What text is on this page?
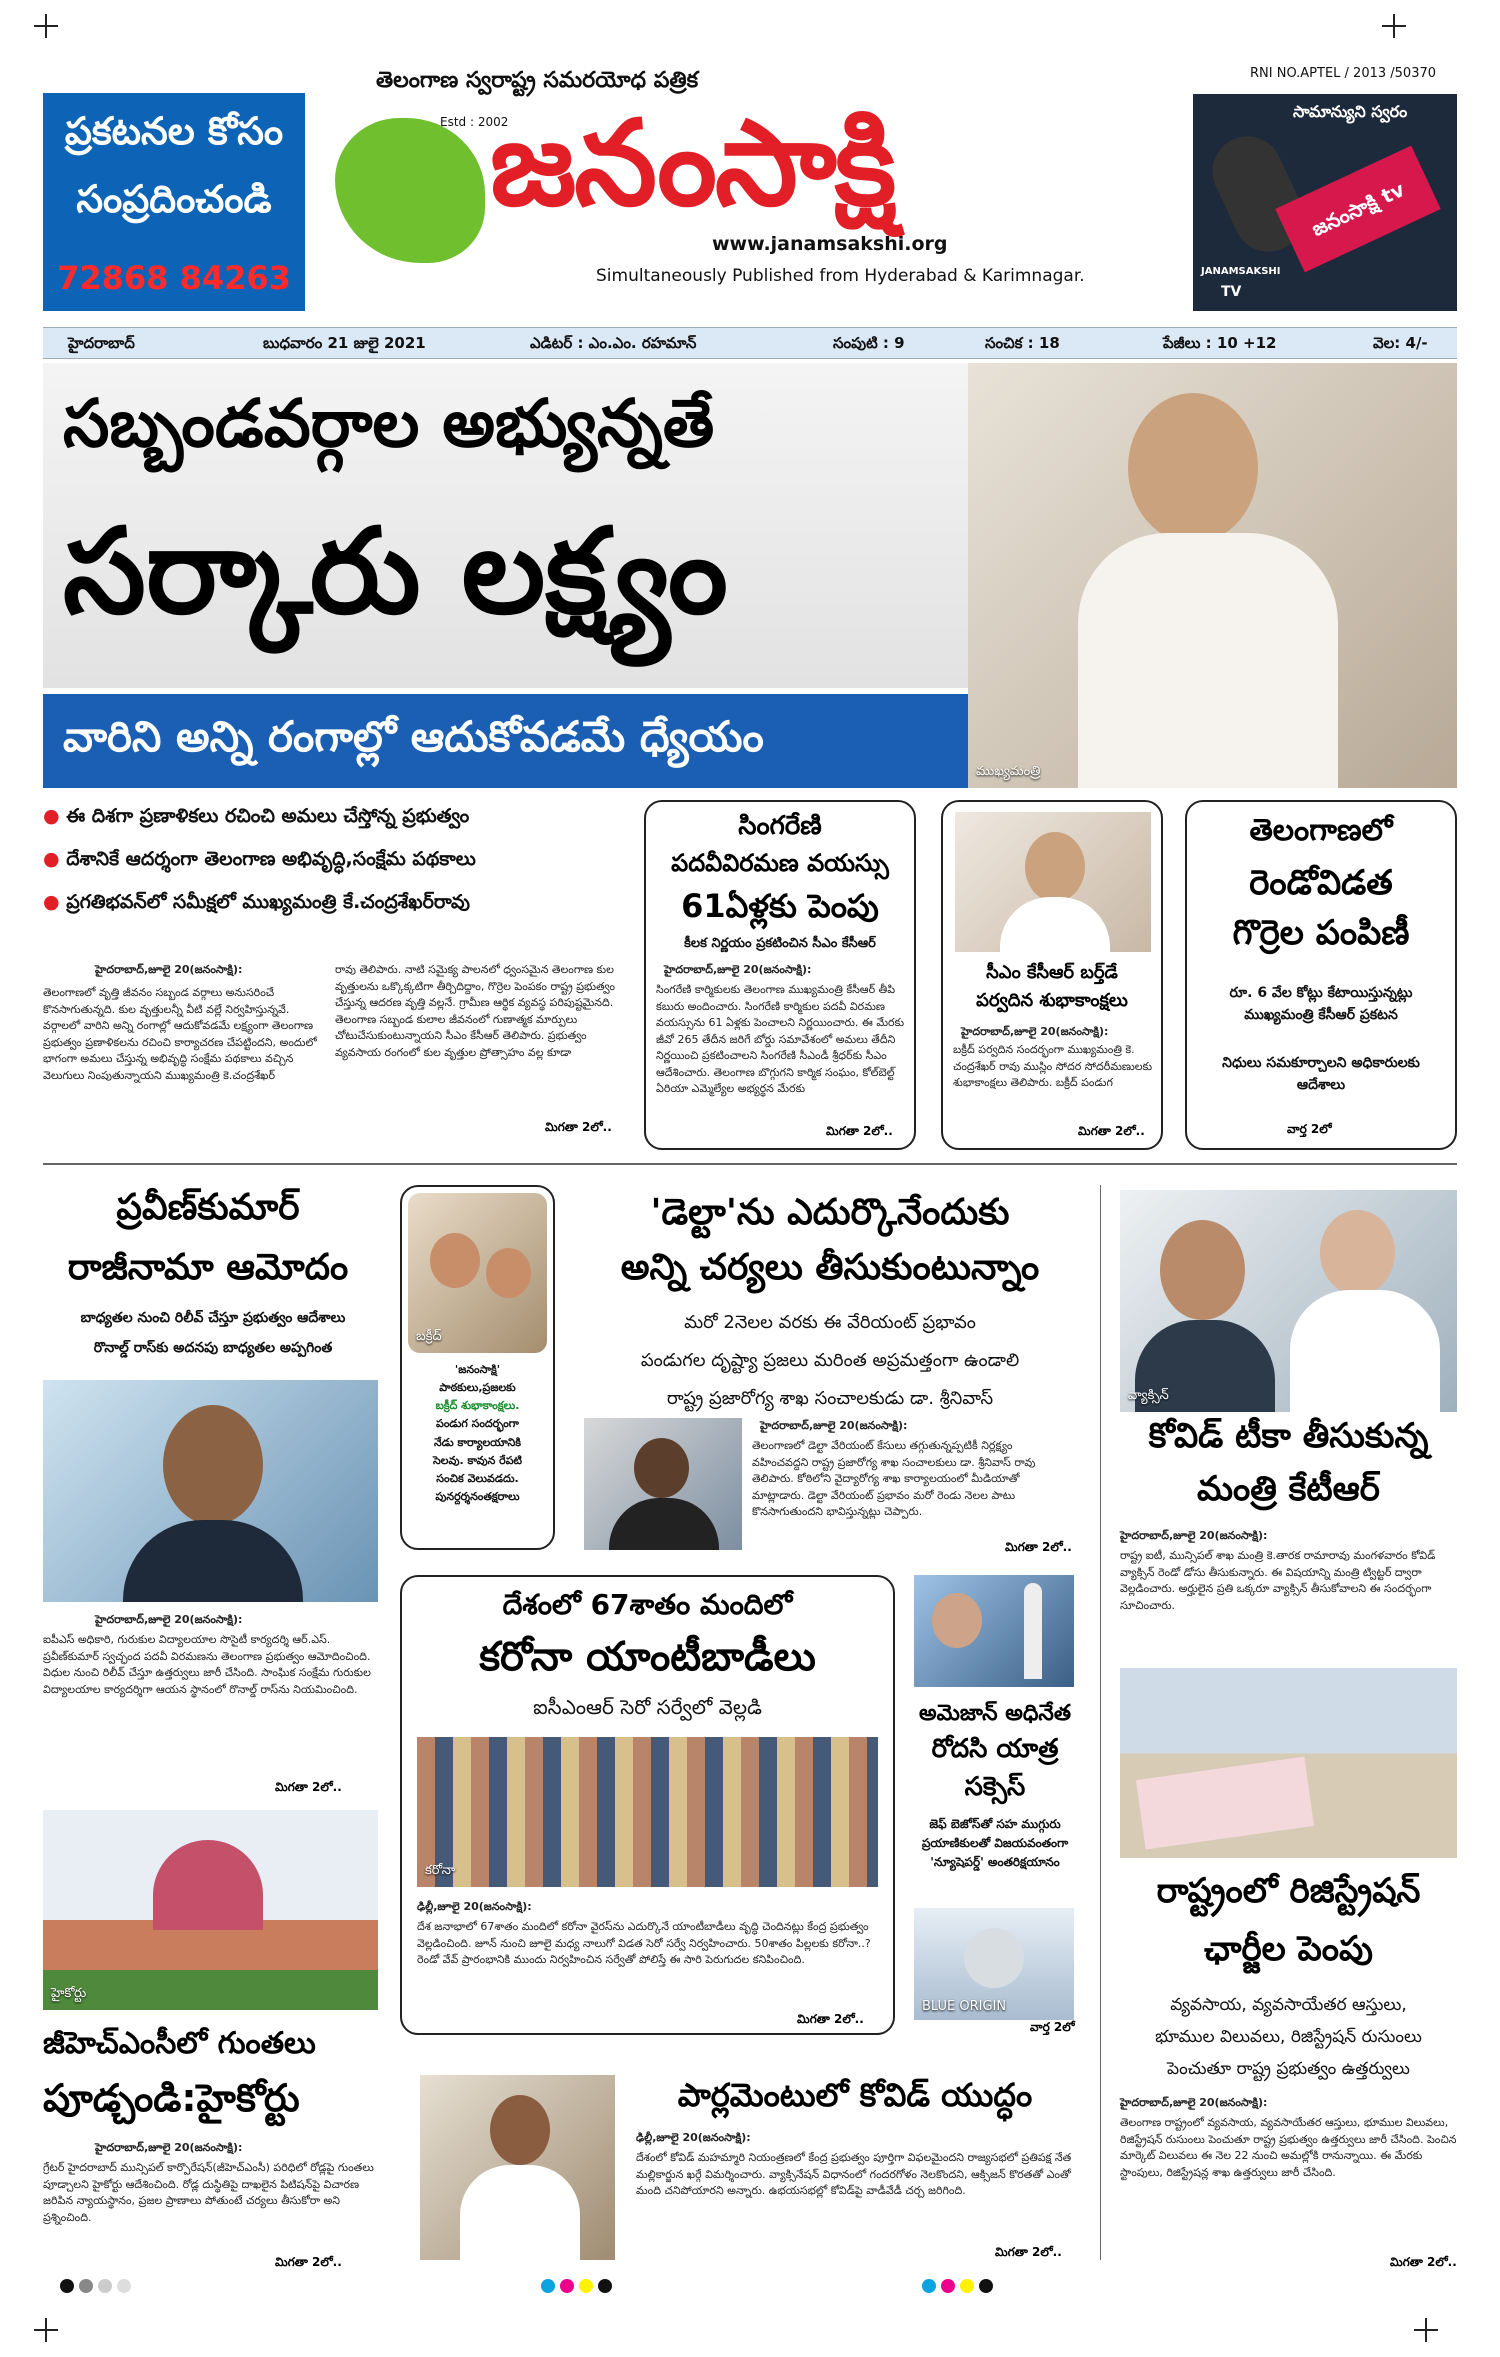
ప్రకటనల కోసం
సంప్రదించండి
72868 84263
తెలంగాణ స్వరాష్ట్ర సమరయోధ పత్రిక
Estd : 2002
జనంసాక్షి
www.janamsakshi.org
Simultaneously Published from Hyderabad & Karimnagar.
RNI NO.APTEL / 2013 /50370
సామాన్యుని స్వరం
జనంసాక్షి tv
JANAMSAKSHI
TV
హైదరాబాద్	బుధవారం 21 జులై 2021	ఎడిటర్ : ఎం.ఎం. రహమాన్	సంపుటి : 9	సంచిక : 18	పేజీలు : 10 +12	వెల: 4/-
సబ్బండవర్గాల అభ్యున్నతే
సర్కారు లక్ష్యం
ముఖ్యమంత్రి
వారిని అన్ని రంగాల్లో ఆదుకోవడమే ధ్యేయం
● ఈ దిశగా ప్రణాళికలు రచించి అమలు చేస్తోన్న ప్రభుత్వం
● దేశానికే ఆదర్శంగా తెలంగాణ అభివృద్ధి,సంక్షేమ పథకాలు
● ప్రగతిభవన్‌లో సమీక్షలో ముఖ్యమంత్రి కే.చంద్రశేఖర్‌రావు
హైదరాబాద్,జూలై 20(జనంసాక్షి):
తెలంగాణలో వృత్తి జీవనం సబ్బండ వర్గాలు అనుసరించే కొనసాగుతున్నది. కుల వృత్తులన్నీ వీటి వల్లే నిర్వహిస్తున్నవే. వర్గాలలో వారిని అన్ని రంగాల్లో ఆదుకోవడమే లక్ష్యంగా తెలంగాణ ప్రభుత్వం ప్రణాళికలను రచించి కార్యాచరణ చేపట్టిందని, అందులో భాగంగా అమలు చేస్తున్న అభివృద్ధి సంక్షేమ పథకాలు వచ్చిన వెలుగులు నింపుతున్నాయని ముఖ్యమంత్రి కె.చంద్రశేఖర్
రావు తెలిపారు. నాటి సమైక్య పాలనలో ధ్వంసమైన తెలంగాణ కుల వృత్తులను ఒక్కొక్కటిగా తీర్చిదిద్దాం, గొర్రెల పెంపకం రాష్ట్ర ప్రభుత్వం చేస్తున్న ఆదరణ వృత్తి వల్లనే. గ్రామీణ ఆర్థిక వ్యవస్థ పరిపుష్టమైనది. తెలంగాణ సబ్బండ కులాల జీవనంలో గుణాత్మక మార్పులు చోటుచేసుకుంటున్నాయని సీఎం కేసీఆర్ తెలిపారు. ప్రభుత్వం వ్యవసాయ రంగంలో కుల వృత్తుల ప్రోత్సాహం వల్ల కూడా
మిగతా 2లో..
సింగరేణి
పదవీవిరమణ వయస్సు
61ఏళ్లకు పెంపు
కీలక నిర్ణయం ప్రకటించిన సీఎం కేసీఆర్
హైదరాబాద్,జూలై 20(జనంసాక్షి):
సింగరేణి కార్మికులకు తెలంగాణ ముఖ్యమంత్రి కేసీఆర్ తీపి కబురు అందించారు. సింగరేణి కార్మికుల పదవీ విరమణ వయస్సును 61 ఏళ్లకు పెంచాలని నిర్ణయించారు. ఈ మేరకు జీవో 265 తేదీన జరిగే బోర్డు సమావేశంలో అమలు తేదీని నిర్ణయించి ప్రకటించాలని సింగరేణి సీఎండీ శ్రీధర్‌కు సీఎం ఆదేశించారు. తెలంగాణ బొగ్గుగని కార్మిక సంఘం, కోల్‌బెల్ట్ ఏరియా ఎమ్మెల్యేల అభ్యర్థన మేరకు
మిగతా 2లో..
సీఎం కేసీఆర్ బర్త్‌డే
పర్వదిన శుభాకాంక్షలు
హైదరాబాద్,జూలై 20(జనంసాక్షి):
బక్రీద్ పర్వదిన సందర్భంగా ముఖ్యమంత్రి కె. చంద్రశేఖర్ రావు ముస్లిం సోదర సోదరీమణులకు శుభాకాంక్షలు తెలిపారు. బక్రీద్ పండుగ
మిగతా 2లో..
తెలంగాణలో
రెండోవిడత
గొర్రెల పంపిణీ
రూ. 6 వేల కోట్లు కేటాయిస్తున్నట్లు ముఖ్యమంత్రి కేసీఆర్ ప్రకటన
నిధులు సమకూర్చాలని అధికారులకు ఆదేశాలు
వార్త 2లో
ప్రవీణ్‌కుమార్
రాజీనామా ఆమోదం
బాధ్యతల నుంచి రిలీవ్ చేస్తూ ప్రభుత్వం ఆదేశాలు
రొనాల్డ్ రాస్‌కు అదనపు బాధ్యతల అప్పగింత
హైదరాబాద్,జూలై 20(జనంసాక్షి):
ఐపీఎస్ అధికారి, గురుకుల విద్యాలయాల సొసైటీ కార్యదర్శి ఆర్.ఎస్. ప్రవీణ్‌కుమార్ స్వచ్ఛంద పదవీ విరమణను తెలంగాణ ప్రభుత్వం ఆమోదించింది. విధుల నుంచి రిలీవ్ చేస్తూ ఉత్తర్వులు జారీ చేసింది. సాంఘిక సంక్షేమ గురుకుల విద్యాలయాల కార్యదర్శిగా ఆయన స్థానంలో రొనాల్డ్ రాస్‌ను నియమించింది.
మిగతా 2లో..
బక్రీద్
'జనంసాక్షి'
పాఠకులు,ప్రజలకు
బక్రీద్ శుభాకాంక్షలు.
పండుగ సందర్భంగా
నేడు కార్యాలయానికి
సెలవు. కావున రేపటి
సంచిక వెలువడదు.
పునర్దర్శనంతక్షరాలు
'డెల్టా'ను ఎదుర్కొనేందుకు
అన్ని చర్యలు తీసుకుంటున్నాం
మరో 2నెలల వరకు ఈ వేరియంట్ ప్రభావం
పండుగల దృష్ట్యా ప్రజలు మరింత అప్రమత్తంగా ఉండాలి
రాష్ట్ర ప్రజారోగ్య శాఖ సంచాలకుడు డా. శ్రీనివాస్
హైదరాబాద్,జూలై 20(జనంసాక్షి):
తెలంగాణలో డెల్టా వేరియంట్ కేసులు తగ్గుతున్నప్పటికీ నిర్లక్ష్యం వహించవద్దని రాష్ట్ర ప్రజారోగ్య శాఖ సంచాలకులు డా. శ్రీనివాస్ రావు తెలిపారు. కోఠిలోని వైద్యారోగ్య శాఖ కార్యాలయంలో మీడియాతో మాట్లాడారు. డెల్టా వేరియంట్ ప్రభావం మరో రెండు నెలల పాటు కొనసాగుతుందని భావిస్తున్నట్లు చెప్పారు.
మిగతా 2లో..
వ్యాక్సిన్
కోవిడ్ టీకా తీసుకున్న
మంత్రి కేటీఆర్
హైదరాబాద్,జూలై 20(జనంసాక్షి):
రాష్ట్ర ఐటీ, మున్సిపల్ శాఖ మంత్రి కె.తారక రామారావు మంగళవారం కోవిడ్ వ్యాక్సిన్ రెండో డోసు తీసుకున్నారు. ఈ విషయాన్ని మంత్రి ట్విట్టర్ ద్వారా వెల్లడించారు. అర్హులైన ప్రతి ఒక్కరూ వ్యాక్సిన్ తీసుకోవాలని ఈ సందర్భంగా సూచించారు.
దేశంలో 67శాతం మందిలో
కరోనా యాంటీబాడీలు
ఐసీఎంఆర్ సెరో సర్వేలో వెల్లడి
కరోనా
ఢిల్లీ,జూలై 20(జనంసాక్షి):
దేశ జనాభాలో 67శాతం మందిలో కరోనా వైరస్‌ను ఎదుర్కొనే యాంటీబాడీలు వృద్ధి చెందినట్లు కేంద్ర ప్రభుత్వం వెల్లడించింది. జూన్ నుంచి జూలై మధ్య నాలుగో విడత సెరో సర్వే నిర్వహించారు. 50శాతం పిల్లలకు కరోనా..? రెండో వేవ్ ప్రారంభానికి ముందు నిర్వహించిన సర్వేతో పోలిస్తే ఈ సారి పెరుగుదల కనిపించింది.
మిగతా 2లో..
అమెజాన్ అధినేత
రోదసి యాత్ర
సక్సెస్
జెఫ్ బెజోస్‌తో సహ ముగ్గురు ప్రయాణికులతో విజయవంతంగా 'న్యూషెపర్డ్' అంతరిక్షయానం
BLUE ORIGIN
వార్త 2లో
హైకోర్టు
జీహెచ్‌ఎంసీలో గుంతలు
పూడ్చండి:హైకోర్టు
హైదరాబాద్,జూలై 20(జనంసాక్షి):
గ్రేటర్ హైదరాబాద్ మున్సిపల్ కార్పొరేషన్(జీహెచ్‌ఎంసీ) పరిధిలో రోడ్లపై గుంతలు పూడ్చాలని హైకోర్టు ఆదేశించింది. రోడ్ల దుస్థితిపై దాఖలైన పిటిషన్‌పై విచారణ జరిపిన న్యాయస్థానం, ప్రజల ప్రాణాలు పోతుంటే చర్యలు తీసుకోరా అని ప్రశ్నించింది.
మిగతా 2లో..
పార్లమెంటులో కోవిడ్ యుద్ధం
ఢిల్లీ,జూలై 20(జనంసాక్షి):
దేశంలో కోవిడ్ మహమ్మారి నియంత్రణలో కేంద్ర ప్రభుత్వం పూర్తిగా విఫలమైందని రాజ్యసభలో ప్రతిపక్ష నేత మల్లికార్జున ఖర్గే విమర్శించారు. వ్యాక్సినేషన్ విధానంలో గందరగోళం నెలకొందని, ఆక్సిజన్ కొరతతో ఎంతో మంది చనిపోయారని అన్నారు. ఉభయసభల్లో కోవిడ్‌పై వాడీవేడీ చర్చ జరిగింది.
మిగతా 2లో..
రాష్ట్రంలో రిజిస్ట్రేషన్
ఛార్జీల పెంపు
వ్యవసాయ, వ్యవసాయేతర ఆస్తులు,
భూముల విలువలు, రిజిస్ట్రేషన్ రుసుంలు
పెంచుతూ రాష్ట్ర ప్రభుత్వం ఉత్తర్వులు
హైదరాబాద్,జూలై 20(జనంసాక్షి):
తెలంగాణ రాష్ట్రంలో వ్యవసాయ, వ్యవసాయేతర ఆస్తులు, భూముల విలువలు, రిజిస్ట్రేషన్ రుసుంలు పెంచుతూ రాష్ట్ర ప్రభుత్వం ఉత్తర్వులు జారీ చేసింది. పెంచిన మార్కెట్ విలువలు ఈ నెల 22 నుంచి అమల్లోకి రానున్నాయి. ఈ మేరకు స్టాంపులు, రిజిస్ట్రేషన్ల శాఖ ఉత్తర్వులు జారీ చేసింది.
మిగతా 2లో..
